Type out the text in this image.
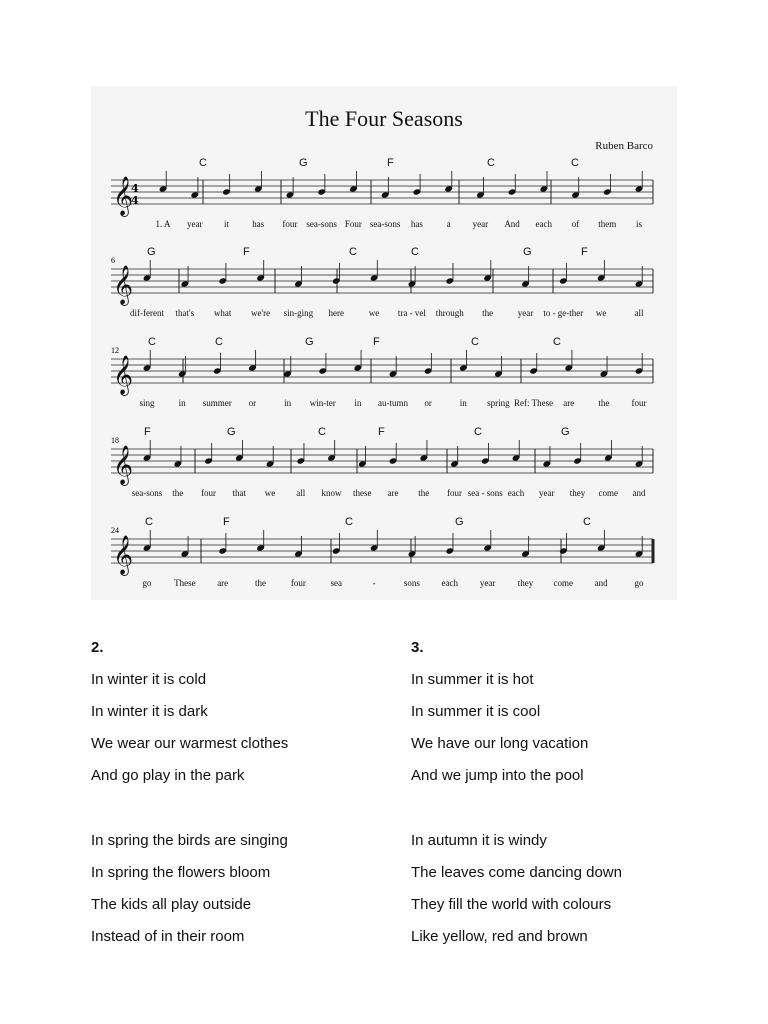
The Four Seasons
Ruben Barco
𝄞
4
4
C	G	F	C	C
1. A year it	has four sea-sons Four sea-sons has	a year And each of them is
𝄞
6
G	F	C	C	G	F
dif-ferent that's what we're sin-ging here	we tra - vel through the	year to - ge-ther we	all
𝄞
12
C	C	G	F	C	C
sing	in summer or	in win-ter in au-tumn or	in spring Ref: These are	the four
𝄞
18
F	G	C	F	C	G
sea-sons the four that we all know these are the four sea - sons each year they come and
𝄞
24
C	F	C	G	C
go	These are	the	four	sea	-	sons each year they come and	go
2.
In winter it is cold
In winter it is dark
We wear our warmest clothes
And go play in the park
In spring the birds are singing
In spring the flowers bloom
The kids all play outside
Instead of in their room
3.
In summer it is hot
In summer it is cool
We have our long vacation
And we jump into the pool
In autumn it is windy
The leaves come dancing down
They fill the world with colours
Like yellow, red and brown
